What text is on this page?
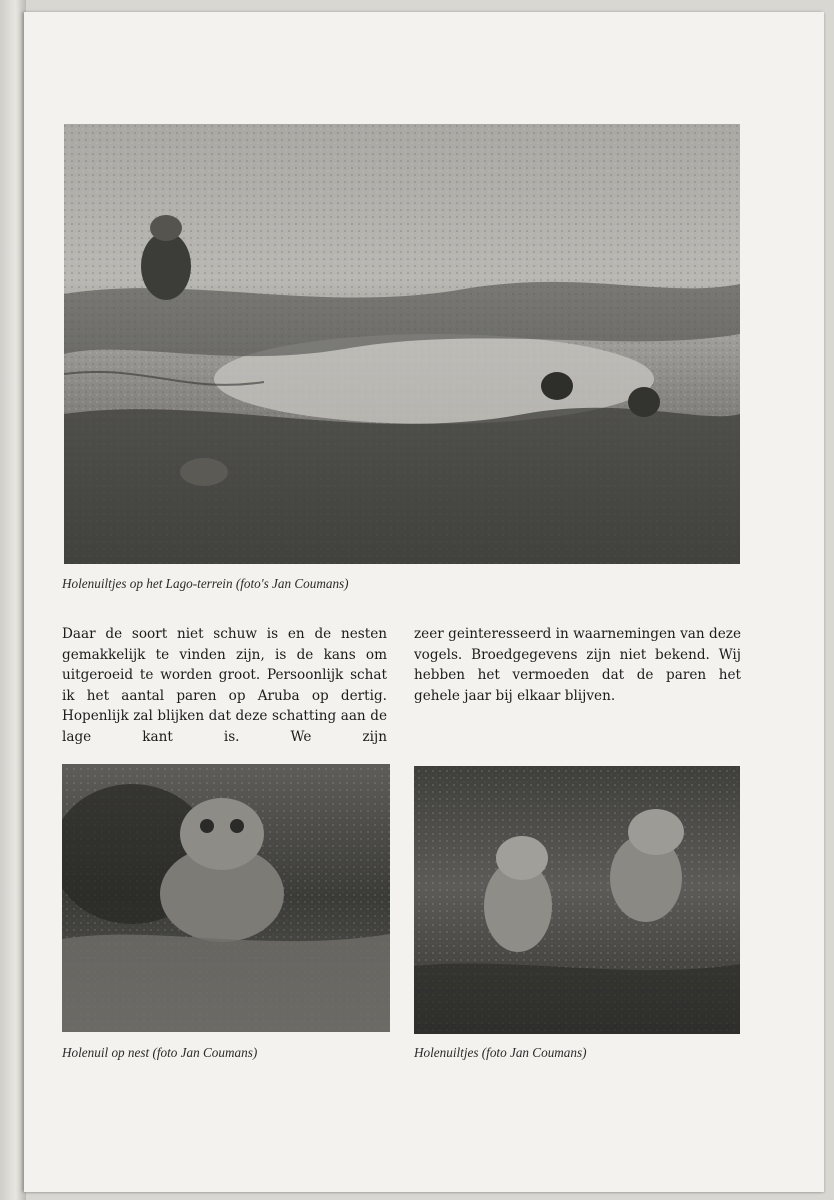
Holenuiltjes op het Lago-terrein (foto's Jan Coumans)

Daar de soort niet schuw is en de nesten gemakkelijk te vinden zijn, is de kans om uitgeroeid te worden groot. Persoonlijk schat ik het aantal paren op Aruba op dertig. Hopenlijk zal blijken dat deze schatting aan de lage kant is. We zijn

zeer geinteresseerd in waarnemingen van deze vogels. Broedgegevens zijn niet bekend. Wij hebben het vermoeden dat de paren het gehele jaar bij elkaar blijven.

Holenuil op nest (foto Jan Coumans)	Holenuiltjes (foto Jan Coumans)
